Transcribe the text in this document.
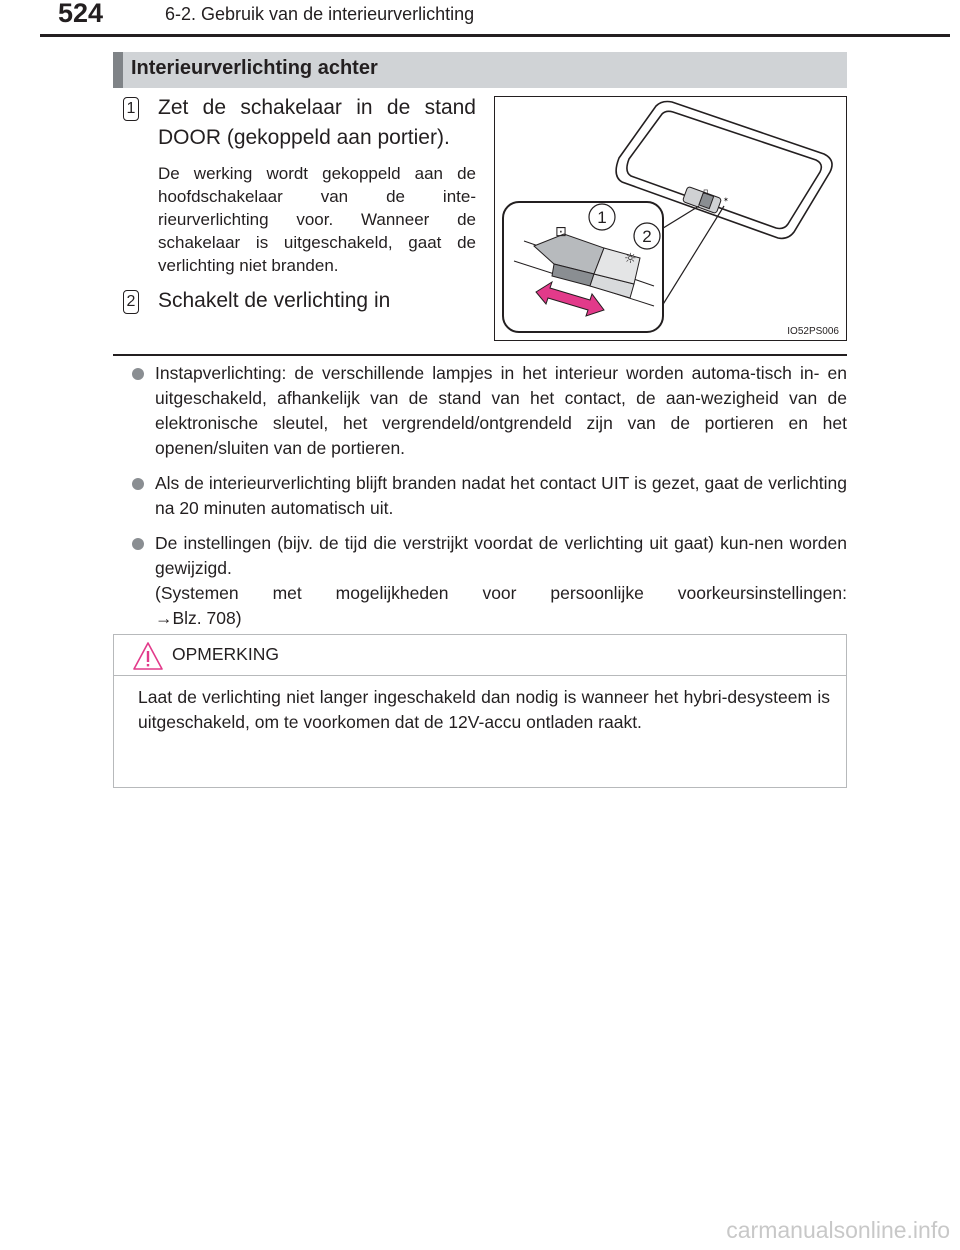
524	6-2. Gebruik van de interieurverlichting
Interieurverlichting achter
1 Zet de schakelaar in de stand DOOR (gekoppeld aan portier).
De werking wordt gekoppeld aan de hoofdschakelaar van de inte-rieurverlichting voor. Wanneer de schakelaar is uitgeschakeld, gaat de verlichting niet branden.
2 Schakelt de verlichting in
⊓
✶
⊡
☼
1
2
IO52PS006
Instapverlichting: de verschillende lampjes in het interieur worden automa-tisch in- en uitgeschakeld, afhankelijk van de stand van het contact, de aan-wezigheid van de elektronische sleutel, het vergrendeld/ontgrendeld zijn van de portieren en het openen/sluiten van de portieren.
Als de interieurverlichting blijft branden nadat het contact UIT is gezet, gaat de verlichting na 20 minuten automatisch uit.
De instellingen (bijv. de tijd die verstrijkt voordat de verlichting uit gaat) kun-nen worden gewijzigd.
(Systemen met mogelijkheden voor persoonlijke voorkeursinstellingen:
→Blz. 708)
OPMERKING
Laat de verlichting niet langer ingeschakeld dan nodig is wanneer het hybri-desysteem is uitgeschakeld, om te voorkomen dat de 12V-accu ontladen raakt.
carmanualsonline.info
